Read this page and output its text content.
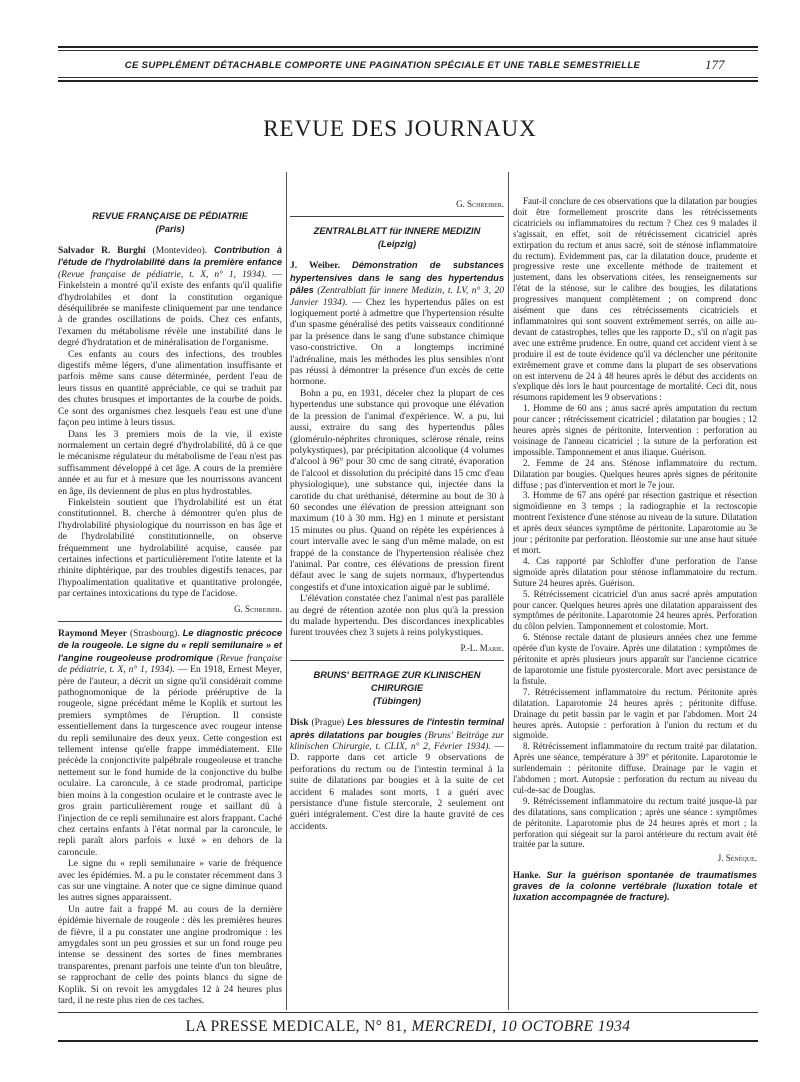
CE SUPPLÉMENT DÉTACHABLE COMPORTE UNE PAGINATION SPÉCIALE ET UNE TABLE SEMESTRIELLE	177
REVUE DES JOURNAUX
REVUE FRANÇAISE DE PÉDIATRIE
(Paris)

Salvador R. Burghi (Montevideo). Contribution à l'étude de l'hydrolabilité dans la première enfance (Revue française de pédiatrie, t. X, n° 1, 1934). — Finkelstein a montré qu'il existe des enfants qu'il qualifie d'hydrolabiles et dont la constitution organique déséquilibrée se manifeste cliniquement par une tendance à de grandes oscillations de poids. Chez ces enfants, l'examen du métabolisme révèle une instabilité dans le degré d'hydratation et de minéralisation de l'organisme.

Ces enfants au cours des infections, des troubles digestifs même légers, d'une alimentation insuffisante et parfois même sans cause déterminée, perdent l'eau de leurs tissus en quantité appréciable, ce qui se traduit par des chutes brusques et importantes de la courbe de poids. Ce sont des organismes chez lesquels l'eau est une d'une façon peu intime à leurs tissus.

Dans les 3 premiers mois de la vie, il existe normalement un certain degré d'hydrolabilité, dû à ce que le mécanisme régulateur du métabolisme de l'eau n'est pas suffisamment développé à cet âge. A cours de la première année et au fur et à mesure que les nourrissons avancent en âge, ils deviennent de plus en plus hydrostables.

Finkelstein soutient que l'hydrolabilité est un état constitutionnel. B. cherche à démontrer qu'en plus de l'hydrolabilité physiologique du nourrisson en bas âge et de l'hydrolabilité constitutionnelle, on observe fréquemment une hydrolabilité acquise, causée par certaines infections et particulièrement l'otite latente et la rhinite diphtérique, par des troubles digestifs tenaces, par l'hypoalimentation qualitative et quantitative prolongée, par certaines intoxications du type de l'acidose.

G. Schreiber.

Raymond Meyer (Strasbourg). Le diagnostic précoce de la rougeole. Le signe du « repli semilunaire » et l'angine rougeoleuse prodromique (Revue française de pédiatrie, t. X, n° 1, 1934). — En 1918, Ernest Meyer, père de l'auteur, a décrit un signe qu'il considérait comme pathognomonique de la période prééruptive de la rougeole, signe précédant même le Koplik et surtout les premiers symptômes de l'éruption. Il consiste essentiellement dans la turgescence avec rougeur intense du repli semilunaire des deux yeux. Cette congestion est tellement intense qu'elle frappe immédiatement. Elle précède la conjonctivite palpébrale rougeoleuse et tranche nettement sur le fond humide de la conjonctive du bulbe oculaire. La caroncule, à ce stade prodromal, participe bien moins à la congestion oculaire et le contraste avec le gros grain particulièrement rouge et saillant dû à l'injection de ce repli semilunaire est alors frappant. Caché chez certains enfants à l'état normal par la caroncule, le repli paraît alors parfois « luxé » en dehors de la caroncule.

Le signe du « repli semilunaire » varie de fréquence avec les épidémies. M. a pu le constater récemment dans 3 cas sur une vingtaine. A noter que ce signe diminue quand les autres signes apparaissent.

Un autre fait a frappé M. au cours de la dernière épidémie hivernale de rougeole : dès les premières heures de fièvre, il a pu constater une angine prodromique : les amygdales sont un peu grossies et sur un fond rouge peu intense se dessinent des sortes de fines membranes transparentes, prenant parfois une teinte d'un ton bleuâtre, se rapprochant de celle des points blancs du signe de Koplik. Si on revoit les amygdales 12 à 24 heures plus tard, il ne reste plus rien de ces taches.

G. Schreiber.
ZENTRALBLATT für INNERE MEDIZIN
(Leipzig)

J. Weiber. Démonstration de substances hypertensives dans le sang des hypertendus pâles (Zentralblatt für innere Medizin, t. LV, n° 3, 20 Janvier 1934). — Chez les hypertendus pâles on est logiquement porté à admettre que l'hypertension résulte d'un spasme généralisé des petits vaisseaux conditionné par la présence dans le sang d'une substance chimique vaso-constrictive. On a longtemps incriminé l'adrénaline, mais les méthodes les plus sensibles n'ont pas réussi à démontrer la présence d'un excès de cette hormone.

Bohn a pu, en 1931, déceler chez la plupart de ces hypertendus une substance qui provoque une élévation de la pression de l'animal d'expérience. W. a pu, lui aussi, extraire du sang des hypertendus pâles (glomérulo-néphrites chroniques, sclérose rénale, reins polykystiques), par précipitation alcoolique (4 volumes d'alcool à 96° pour 30 cmc de sang citraté, évaporation de l'alcool et dissolution du précipité dans 15 cmc d'eau physiologique), une substance qui, injectée dans la carotide du chat uréthanisé, détermine au bout de 30 à 60 secondes une élévation de pression atteignant son maximum (10 à 30 mm. Hg) en 1 minute et persistant 15 minutes ou plus. Quand on répète les expériences à court intervalle avec le sang d'un même malade, on est frappé de la constance de l'hypertension réalisée chez l'animal. Par contre, ces élévations de pression firent défaut avec le sang de sujets normaux, d'hypertendus congestifs et d'une intoxication aiguë par le sublimé.

L'élévation constatée chez l'animal n'est pas parallèle au degré de rétention azotée non plus qu'à la pression du malade hypertendu. Des discordances inexplicables furent trouvées chez 3 sujets à reins polykystiques.

P.-L. Marie.
BRUNS' BEITRAGE ZUR KLINISCHEN CHIRURGIE
(Tübingen)

Disk (Prague) Les blessures de l'intestin terminal après dilatations par bougies (Bruns' Beiträge zur klinischen Chirurgie, t. CLIX, n° 2, Février 1934). — D. rapporte dans cet article 9 observations de perforations du rectum ou de l'intestin terminal à la suite de dilatations par bougies et à la suite de cet accident 6 malades sont morts, 1 a guéri avec persistance d'une fistule stercorale, 2 seulement ont guéri intégralement. C'est dire la haute gravité de ces accidents.

Faut-il conclure de ces observations que la dilatation par bougies doit être formellement proscrite dans les rétrécissements cicatriciels ou inflammatoires du rectum ? Chez ces 9 malades il s'agissait, en effet, soit de rétrécissement cicatriciel après extirpation du rectum et anus sacré, soit de sténose inflammatoire du rectum). Evidemment pas, car la dilatation douce, prudente et progressive reste une excellente méthode de traitement et justement, dans les observations citées, les renseignements sur l'état de la sténose, sur le calibre des bougies, les dilatations progressives manquent complètement ; on comprend donc aisément que dans ces rétrécissements cicatriciels et inflammatoires qui sont souvent extrêmement serrés, on aille au-devant de catastrophes, telles que les rapporte D., s'il on n'agit pas avec une extrême prudence. En outre, quand cet accident vient à se produire il est de toute évidence qu'il va déclencher une péritonite extrêmement grave et comme dans la plupart de ses observations on est intervenu de 24 à 48 heures après le début des accidents on s'explique dès lors le haut pourcentage de mortalité. Ceci dit, nous résumons rapidement les 9 observations :

1. Homme de 60 ans ; anus sacré après amputation du rectum pour cancer ; rétrécissement cicatriciel ; dilatation par bougies ; 12 heures après signes de péritonite. Intervention : perforation au voisinage de l'anneau cicatriciel ; la suture de la perforation est impossible. Tamponnement et anus iliaque. Guérison.

2. Femme de 24 ans. Sténose inflammatoire du rectum. Dilatation par bougies. Quelques heures après signes de péritonite diffuse ; pas d'intervention et mort le 7e jour.

3. Homme de 67 ans opéré par résection gastrique et résection sigmoïdienne en 3 temps ; la radiographie et la rectoscopie montrent l'existence d'une sténose au niveau de la suture. Dilatation et après deux séances symptôme de péritonite. Laparotomie au 3e jour ; péritonite par perforation. Iléostomie sur une anse haut située et mort.

4. Cas rapporté par Schloffer d'une perforation de l'anse sigmoïde après dilatation pour sténose inflammatoire du rectum. Suture 24 heures après. Guérison.

5. Rétrécissement cicatriciel d'un anus sacré après amputation pour cancer. Quelques heures après une dilatation apparaissent des symptômes de péritonite. Laparotomie 24 heures après. Perforation du côlon pelvien. Tamponnement et colostomie. Mort.

6. Sténose rectale datant de plusieurs années chez une femme opérée d'un kyste de l'ovaire. Après une dilatation : symptômes de péritonite et après plusieurs jours apparaît sur l'ancienne cicatrice de laparotomie une fistule pyostercorale. Mort avec persistance de la fistule.

7. Rétrécissement inflammatoire du rectum. Péritonite après dilatation. Laparotomie 24 heures après ; péritonite diffuse. Drainage du petit bassin par le vagin et par l'abdomen. Mort 24 heures après. Autopsie : perforation à l'union du rectum et du sigmoïde.

8. Rétrécissement inflammatoire du rectum traité par dilatation. Après une séance, température à 39° et péritonite. Laparotomie le surlendemain : péritonite diffuse. Drainage par le vagin et l'abdomen ; mort. Autopsie : perforation du rectum au niveau du cul-de-sac de Douglas.

9. Rétrécissement inflammatoire du rectum traité jusque-là par des dilatations, sans complication ; après une séance : symptômes de péritonite. Laparotomie plus de 24 heures après et mort ; la perforation qui siégeait sur la paroi antérieure du rectum avait été traitée par la suture.

J. Sénèque.

Hanke. Sur la guérison spontanée de traumatismes graves de la colonne vertébrale (luxation totale et luxation accompagnée de fracture).

LA PRESSE MEDICALE, N° 81, MERCREDI, 10 OCTOBRE 1934
